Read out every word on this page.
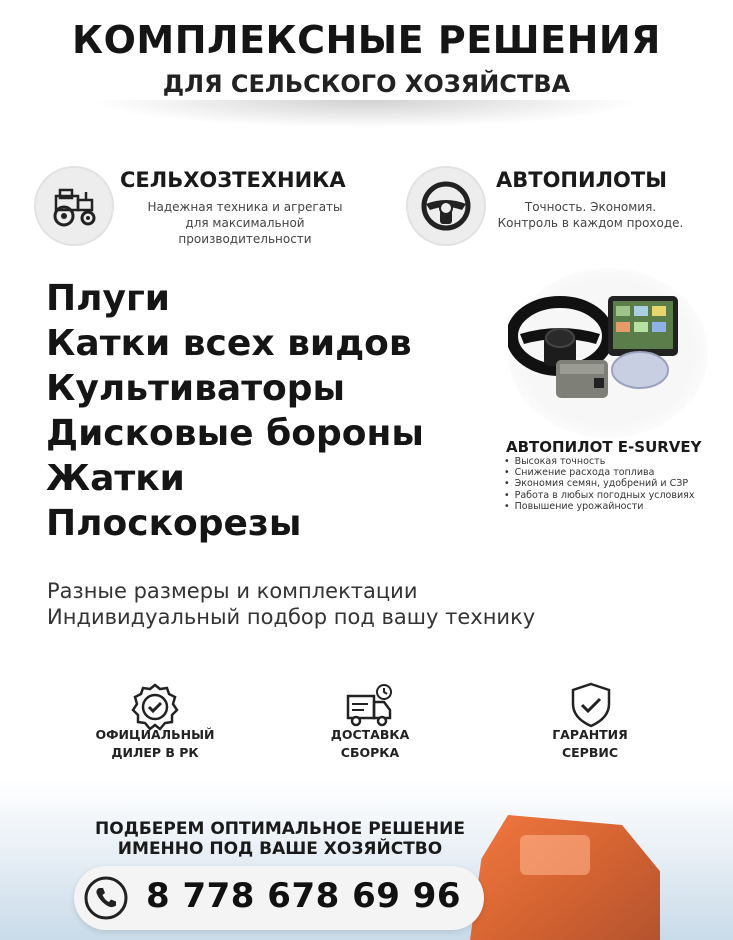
КОМПЛЕКСНЫЕ РЕШЕНИЯ
ДЛЯ СЕЛЬСКОГО ХОЗЯЙСТВА
СЕЛЬХОЗТЕХНИКА
Надежная техника и агрегаты
для максимальной
производительности
АВТОПИЛОТЫ
Точность. Экономия.
Контроль в каждом проходе.
Плуги
Катки всех видов
Культиваторы
Дисковые бороны
Жатки
Плоскорезы
АВТОПИЛОТ E-SURVEY
• Высокая точность
• Снижение расхода топлива
• Экономия семян, удобрений и СЗР
• Работа в любых погодных условиях
• Повышение урожайности
Разные размеры и комплектации
Индивидуальный подбор под вашу технику
ОФИЦИАЛЬНЫЙ
ДИЛЕР В РК
ДОСТАВКА
СБОРКА
ГАРАНТИЯ
СЕРВИС
ПОДБЕРЕМ ОПТИМАЛЬНОЕ РЕШЕНИЕ
ИМЕННО ПОД ВАШЕ ХОЗЯЙСТВО
8 778 678 69 96
